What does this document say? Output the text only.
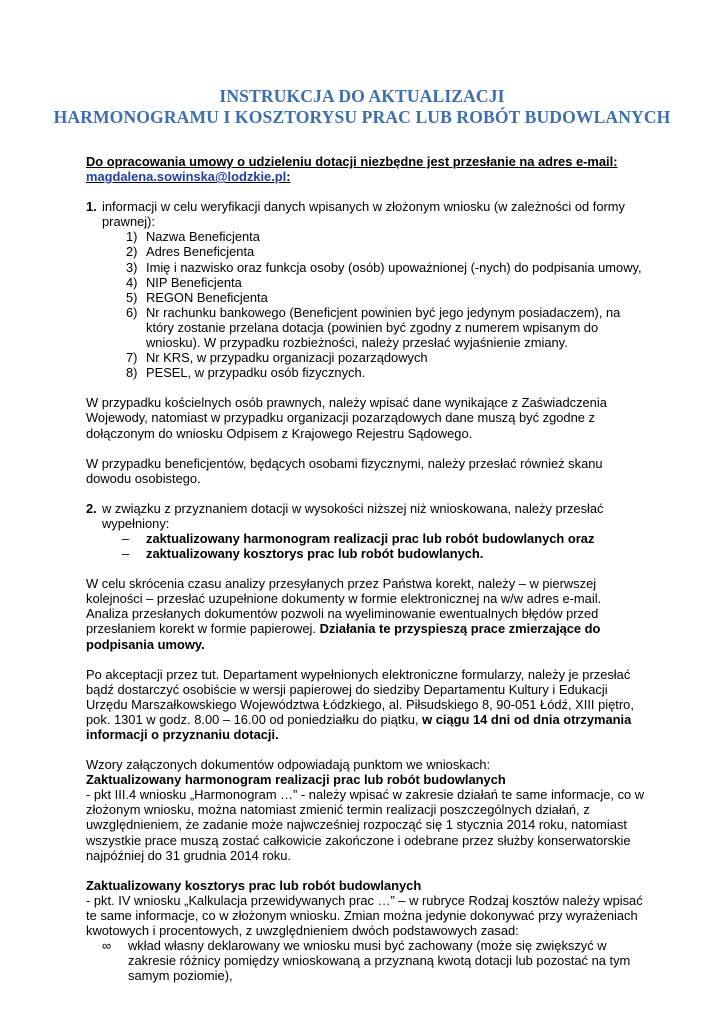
INSTRUKCJA DO AKTUALIZACJI
HARMONOGRAMU I KOSZTORYSU PRAC LUB ROBÓT BUDOWLANYCH

Do opracowania umowy o udzieleniu dotacji niezbędne jest przesłanie na adres e-mail:
magdalena.sowinska@lodzkie.pl:

1. informacji w celu weryfikacji danych wpisanych w złożonym wniosku (w zależności od formy prawnej):

1) Nazwa Beneficjenta
2) Adres Beneficjenta
3) Imię i nazwisko oraz funkcja osoby (osób) upoważnionej (-nych) do podpisania umowy,
4) NIP Beneficjenta
5) REGON Beneficjenta
6) Nr rachunku bankowego (Beneficjent powinien być jego jedynym posiadaczem), na który zostanie przelana dotacja (powinien być zgodny z numerem wpisanym do wniosku). W przypadku rozbieżności, należy przesłać wyjaśnienie zmiany.
7) Nr KRS, w przypadku organizacji pozarządowych
8) PESEL, w przypadku osób fizycznych.

W przypadku kościelnych osób prawnych, należy wpisać dane wynikające z Zaświadczenia Wojewody, natomiast w przypadku organizacji pozarządowych dane muszą być zgodne z dołączonym do wniosku Odpisem z Krajowego Rejestru Sądowego.

W przypadku beneficjentów, będących osobami fizycznymi, należy przesłać również skanu dowodu osobistego.

2. w związku z przyznaniem dotacji w wysokości niższej niż wnioskowana, należy przesłać wypełniony:

– zaktualizowany harmonogram realizacji prac lub robót budowlanych oraz
– zaktualizowany kosztorys prac lub robót budowlanych.

W celu skrócenia czasu analizy przesyłanych przez Państwa korekt, należy – w pierwszej kolejności – przesłać uzupełnione dokumenty w formie elektronicznej na w/w adres e-mail. Analiza przesłanych dokumentów pozwoli na wyeliminowanie ewentualnych błędów przed przesłaniem korekt w formie papierowej. Działania te przyspieszą prace zmierzające do podpisania umowy.

Po akceptacji przez tut. Departament wypełnionych elektroniczne formularzy, należy je przesłać bądź dostarczyć osobiście w wersji papierowej do siedziby Departamentu Kultury i Edukacji Urzędu Marszałkowskiego Województwa Łódzkiego, al. Piłsudskiego 8, 90-051 Łódź, XIII piętro, pok. 1301 w godz. 8.00 – 16.00 od poniedziałku do piątku, w ciągu 14 dni od dnia otrzymania informacji o przyznaniu dotacji.

Wzory załączonych dokumentów odpowiadają punktom we wnioskach:

Zaktualizowany harmonogram realizacji prac lub robót budowlanych

- pkt III.4 wniosku „Harmonogram …” - należy wpisać w zakresie działań te same informacje, co w złożonym wniosku, można natomiast zmienić termin realizacji poszczególnych działań, z uwzględnieniem, że zadanie może najwcześniej rozpocząć się 1 stycznia 2014 roku, natomiast wszystkie prace muszą zostać całkowicie zakończone i odebrane przez służby konserwatorskie najpóźniej do 31 grudnia 2014 roku.

Zaktualizowany kosztorys prac lub robót budowlanych

- pkt. IV wniosku „Kalkulacja przewidywanych prac …” – w rubryce Rodzaj kosztów należy wpisać te same informacje, co w złożonym wniosku. Zmian można jedynie dokonywać przy wyrażeniach kwotowych i procentowych, z uwzględnieniem dwóch podstawowych zasad:

∞ wkład własny deklarowany we wniosku musi być zachowany (może się zwiększyć w zakresie różnicy pomiędzy wnioskowaną a przyznaną kwotą dotacji lub pozostać na tym samym poziomie),
